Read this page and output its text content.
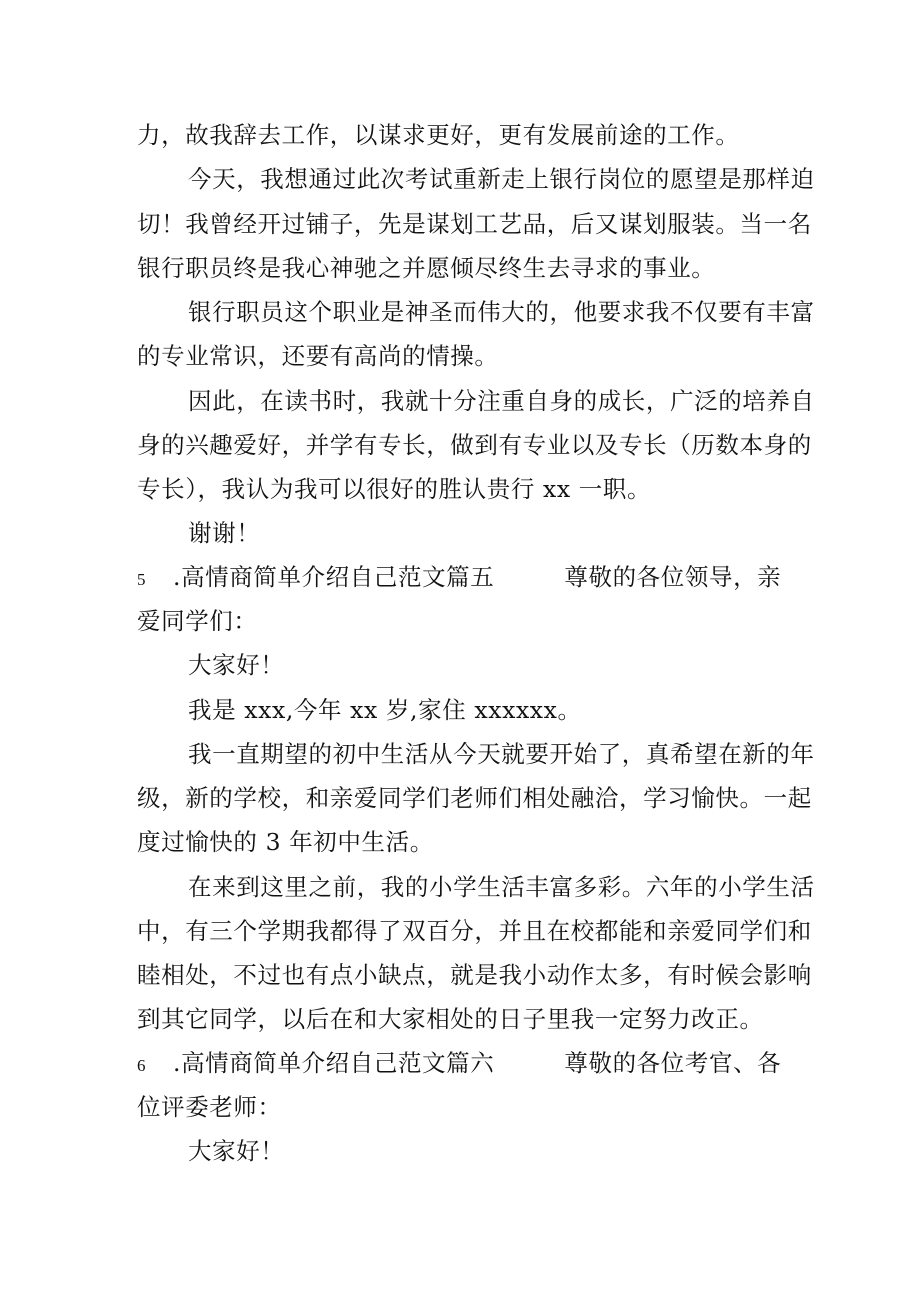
力，故我辞去工作，以谋求更好，更有发展前途的工作。
今天，我想通过此次考试重新走上银行岗位的愿望是那样迫
切！我曾经开过铺子，先是谋划工艺品，后又谋划服装。当一名
银行职员终是我心神驰之并愿倾尽终生去寻求的事业。
银行职员这个职业是神圣而伟大的，他要求我不仅要有丰富
的专业常识，还要有高尚的情操。
因此，在读书时，我就十分注重自身的成长，广泛的培养自
身的兴趣爱好，并学有专长，做到有专业以及专长（历数本身的
专长），我认为我可以很好的胜认贵行 xx 一职。
谢谢！
5 .高情商简单介绍自己范文篇五	尊敬的各位领导，亲
爱同学们：
大家好！
我是 xxx,今年 xx 岁,家住 xxxxxx。
我一直期望的初中生活从今天就要开始了，真希望在新的年
级，新的学校，和亲爱同学们老师们相处融洽，学习愉快。一起
度过愉快的 3 年初中生活。
在来到这里之前，我的小学生活丰富多彩。六年的小学生活
中，有三个学期我都得了双百分，并且在校都能和亲爱同学们和
睦相处，不过也有点小缺点，就是我小动作太多，有时候会影响
到其它同学，以后在和大家相处的日子里我一定努力改正。
6 .高情商简单介绍自己范文篇六	尊敬的各位考官、各
位评委老师：
大家好！
